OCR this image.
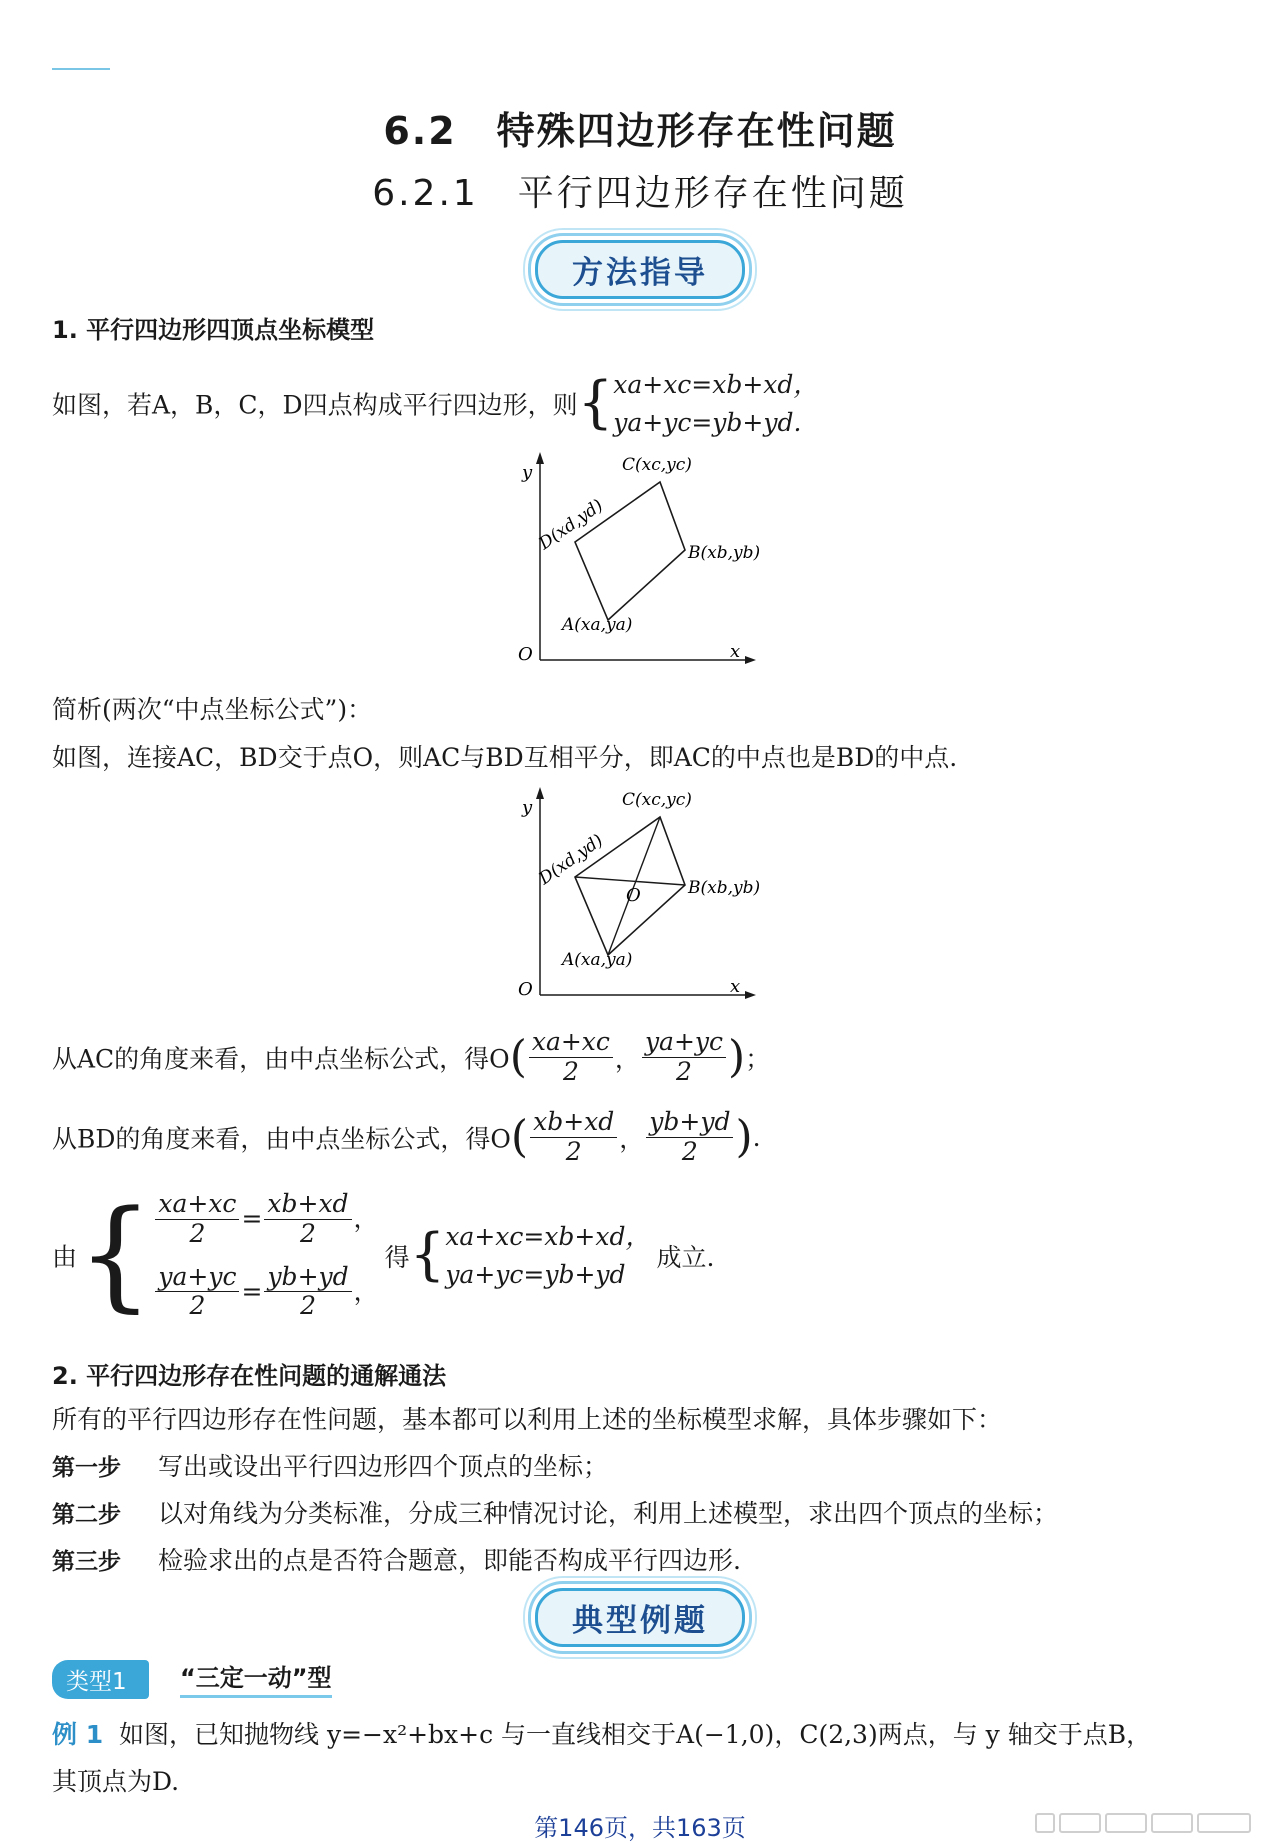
6.2　特殊四边形存在性问题
6.2.1　平行四边形存在性问题
方法指导
1. 平行四边形四顶点坐标模型
如图，若A，B，C，D四点构成平行四边形，则{ xa+xc=xb+xd，
ya+yc=yb+yd.
y
x
O
A(xa,ya)
B(xb,yb)
C(xc,yc)
D(xd,yd)
简析(两次“中点坐标公式”)：
如图，连接AC，BD交于点O，则AC与BD互相平分，即AC的中点也是BD的中点.
y
x
O
O
A(xa,ya)
B(xb,yb)
C(xc,yc)
D(xd,yd)
从AC的角度来看，由中点坐标公式，得$O( \frac{xa+xc}{2}$ ， $\frac{ya+yc}{2}$ )；
从BD的角度来看，由中点坐标公式，得$O( \frac{xb+xd}{2}$ ， $\frac{yb+yd}{2}$ ).
由{ $\frac{xa+xc}{2} = \frac{xb+xd}{2}$ ，
$\frac{ya+yc}{2} = \frac{yb+yd}{2}$ ，
得{ xa+xc=xb+xd，
ya+yc=yb+yd
成立.
2. 平行四边形存在性问题的通解通法
所有的平行四边形存在性问题，基本都可以利用上述的坐标模型求解，具体步骤如下：
第一步 写出或设出平行四边形四个顶点的坐标；
第二步 以对角线为分类标准，分成三种情况讨论，利用上述模型，求出四个顶点的坐标；
第三步 检验求出的点是否符合题意，即能否构成平行四边形.
典型例题
类型1	“三定一动”型
例 1 如图，已知抛物线 y=−x²+bx+c 与一直线相交于A(−1,0)，C(2,3)两点，与 y 轴交于点B，
其顶点为D.
第146页，共163页
